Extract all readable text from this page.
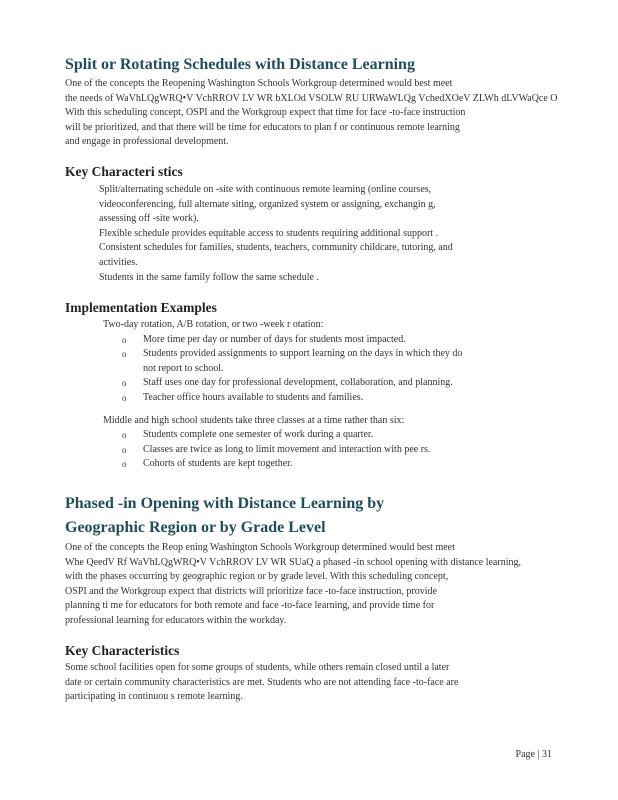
Split or Rotating Schedules with Distance Learning
One of the concepts the Reopening Washington Schools Workgroup determined would best meet
the needs of WaVhLQgWRQ•V VchRROV LV WR bXLOd VSOLW RU URWaWLQg VchedXOeV ZLWh dLVWaQce O
With this scheduling concept, OSPI and the Workgroup expect that time for face -to-face instruction
will be prioritized, and that there will be time for educators to plan f or continuous remote learning
and engage in professional development.
Key Characteri stics
Split/alternating schedule on -site with continuous remote learning (online courses,
videoconferencing, full alternate siting, organized system or assigning, exchangin g,
assessing off -site work).
Flexible schedule provides equitable access to students requiring additional support .
Consistent schedules for families, students, teachers, community childcare, tutoring, and
activities.
Students in the same family follow the same schedule .
Implementation Examples
Two-day rotation, A/B rotation, or two -week r otation:
o More time per day or number of days for students most impacted.
o Students provided assignments to support learning on the days in which they do
not report to school.
o Staff uses one day for professional development, collaboration, and planning.
o Teacher office hours available to students and families.
Middle and high school students take three classes at a time rather than six:
o Students complete one semester of work during a quarter.
o Classes are twice as long to limit movement and interaction with pee rs.
o Cohorts of students are kept together.
Phased -in Opening with Distance Learning by
Geographic Region or by Grade Level
One of the concepts the Reop ening Washington Schools Workgroup determined would best meet
Whe QeedV Rf WaVhLQgWRQ•V VchRROV LV WR SUaQ a phased -in school opening with distance learning,
with the phases occurring by geographic region or by grade level. With this scheduling concept,
OSPI and the Workgroup expect that districts will prioritize face -to-face instruction, provide
planning ti me for educators for both remote and face -to-face learning, and provide time for
professional learning for educators within the workday.
Key Characteristics
Some school facilities open for some groups of students, while others remain closed until a later
date or certain community characteristics are met. Students who are not attending face -to-face are
participating in continuou s remote learning.
Page | 31
